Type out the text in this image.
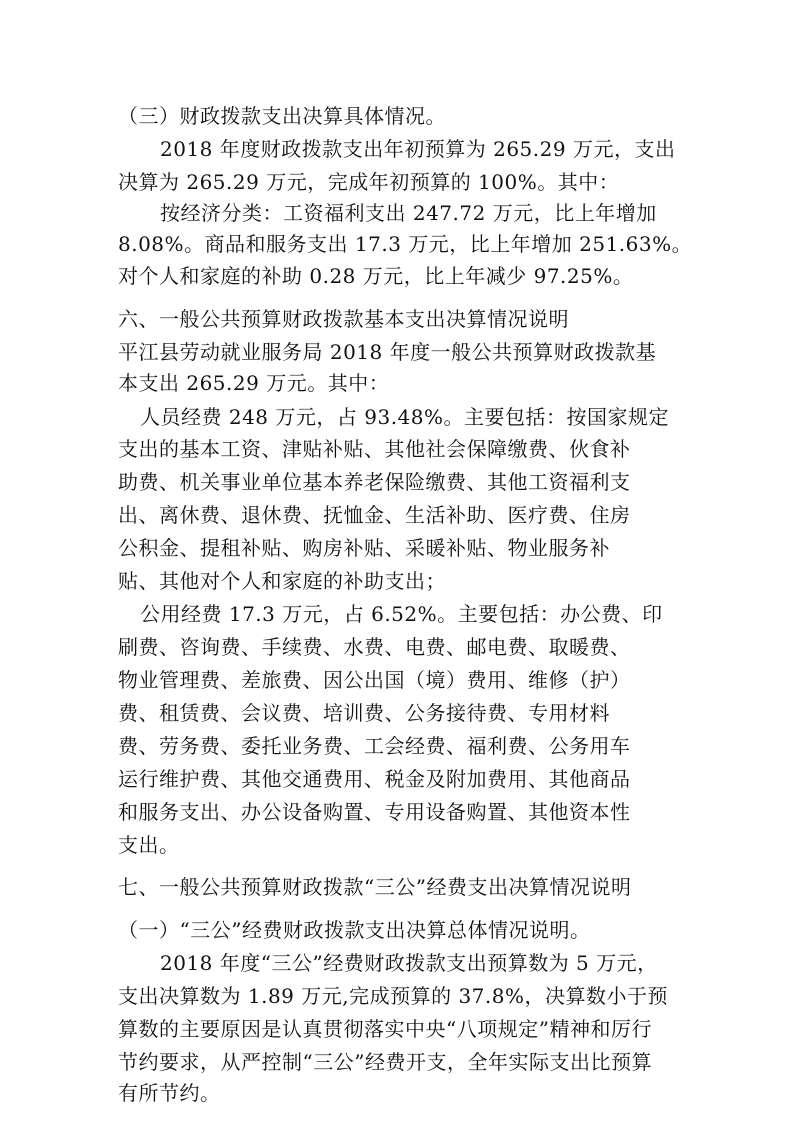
（三）财政拨款支出决算具体情况。
2018 年度财政拨款支出年初预算为 265.29 万元，支出
决算为 265.29 万元，完成年初预算的 100%。其中：
按经济分类：工资福利支出 247.72 万元，比上年增加
8.08%。商品和服务支出 17.3 万元，比上年增加 251.63%。
对个人和家庭的补助 0.28 万元，比上年减少 97.25%。
六、一般公共预算财政拨款基本支出决算情况说明
平江县劳动就业服务局 2018 年度一般公共预算财政拨款基
本支出 265.29 万元。其中：
人员经费 248 万元，占 93.48%。主要包括：按国家规定
支出的基本工资、津贴补贴、其他社会保障缴费、伙食补
助费、机关事业单位基本养老保险缴费、其他工资福利支
出、离休费、退休费、抚恤金、生活补助、医疗费、住房
公积金、提租补贴、购房补贴、采暖补贴、物业服务补
贴、其他对个人和家庭的补助支出；
公用经费 17.3 万元，占 6.52%。主要包括：办公费、印
刷费、咨询费、手续费、水费、电费、邮电费、取暖费、
物业管理费、差旅费、因公出国（境）费用、维修（护）
费、租赁费、会议费、培训费、公务接待费、专用材料
费、劳务费、委托业务费、工会经费、福利费、公务用车
运行维护费、其他交通费用、税金及附加费用、其他商品
和服务支出、办公设备购置、专用设备购置、其他资本性
支出。
七、一般公共预算财政拨款“三公”经费支出决算情况说明
（一）“三公”经费财政拨款支出决算总体情况说明。
2018 年度“三公”经费财政拨款支出预算数为 5 万元，
支出决算数为 1.89 万元,完成预算的 37.8%，决算数小于预
算数的主要原因是认真贯彻落实中央“八项规定”精神和厉行
节约要求，从严控制“三公”经费开支，全年实际支出比预算
有所节约。
